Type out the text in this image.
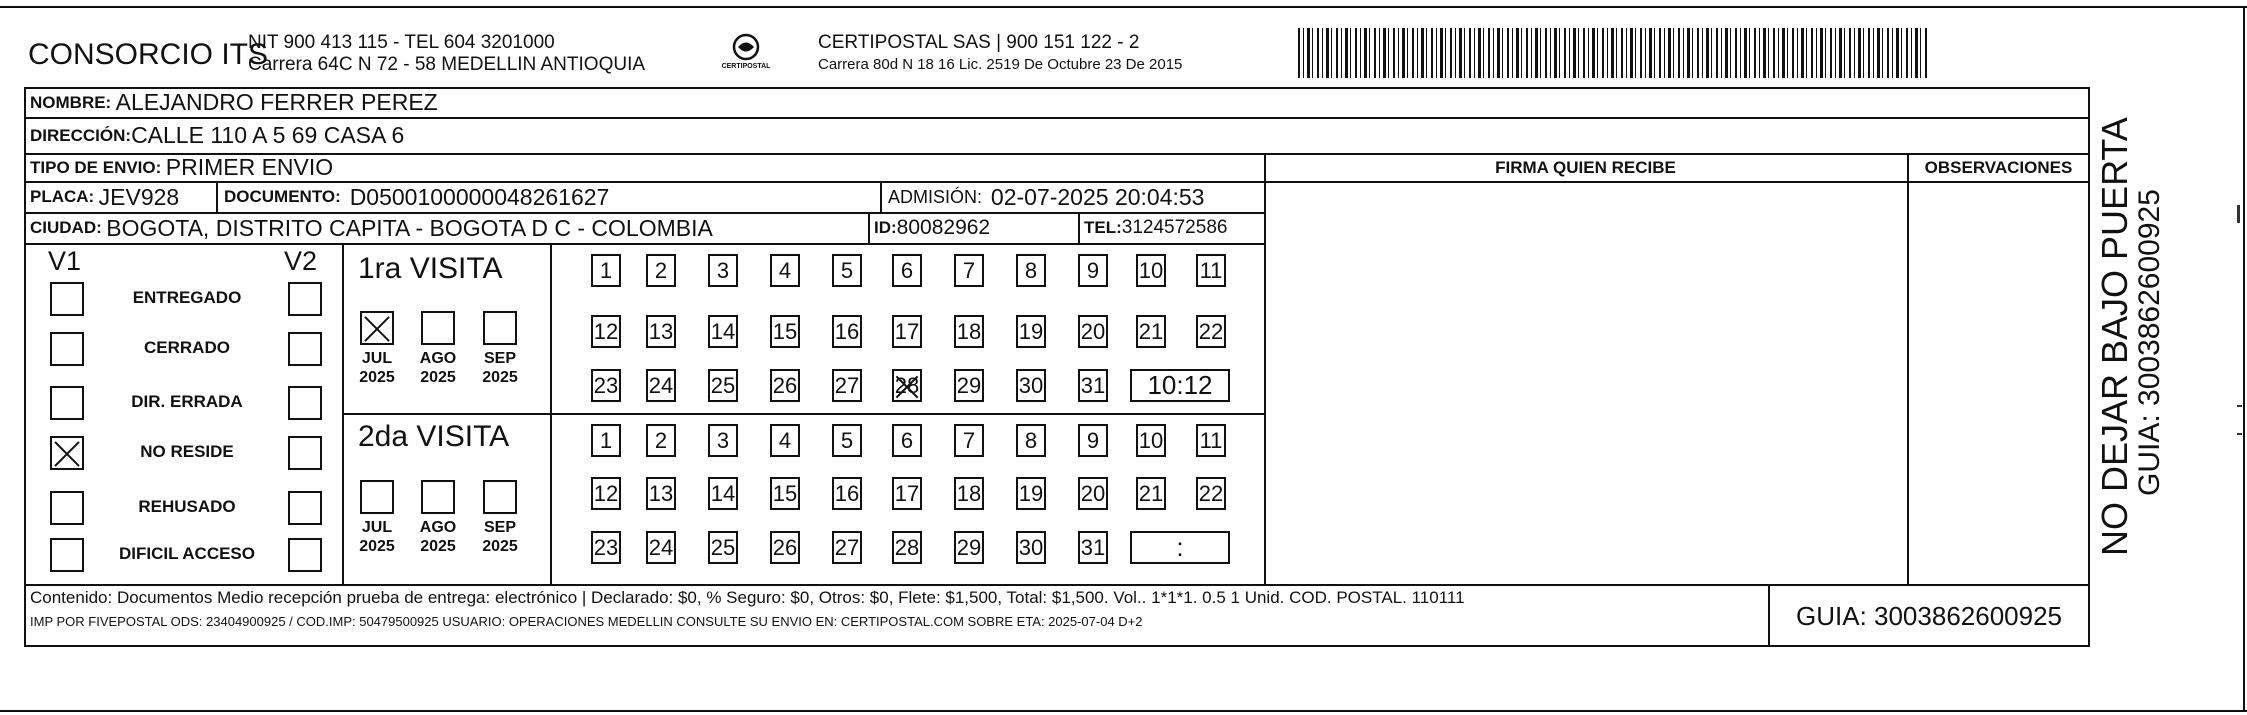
CONSORCIO ITS
NIT 900 413 115 - TEL 604 3201000
Carrera 64C N 72 - 58 MEDELLIN ANTIOQUIA	CERTIPOSTAL
CERTIPOSTAL SAS | 900 151 122 - 2
Carrera 80d N 18 16 Lic. 2519 De Octubre 23 De 2015
NOMBRE:
ALEJANDRO FERRER PEREZ
DIRECCIÓN: CALLE 110 A 5 69 CASA 6
TIPO DE ENVIO:
PRIMER ENVIO	FIRMA QUIEN RECIBE	OBSERVACIONES
PLACA:
JEV928	DOCUMENTO:
D0500100000048261627	ADMISIÓN:
02-07-2025 20:04:53
CIUDAD:
BOGOTA, DISTRITO CAPITA - BOGOTA D C - COLOMBIA	ID: 80082962	TEL: 3124572586
ENTREGADO
CERRADO
DIR. ERRADA
NO RESIDE
REHUSADO
DIFICIL ACCESO
V1	V2 1ra VISITA
2da VISITA
JUL
2025
AGO
2025
SEP
2025
1	2	3	4	5	6	7	8	9	10 11
12 13 14 15 16 17 18 19 20 21 22
23 24 25 26 27 28 29 30 31	10:12
JUL
2025
AGO
2025
SEP
2025
1	2	3	4	5	6	7	8	9	10 11
12 13 14 15 16 17 18 19 20 21 22
23 24 25 26 27 28 29 30 31	:
Contenido: Documentos Medio recepción prueba de entrega: electrónico | Declarado: $0, % Seguro: $0, Otros: $0, Flete: $1,500, Total: $1,500. Vol.. 1*1*1. 0.5 1 Unid. COD. POSTAL. 110111
IMP POR FIVEPOSTAL ODS: 23404900925 / COD.IMP: 50479500925 USUARIO: OPERACIONES MEDELLIN CONSULTE SU ENVIO EN: CERTIPOSTAL.COM SOBRE ETA: 2025-07-04 D+2	GUIA: 3003862600925
NO DEJAR BAJO PUERTA
GUIA: 3003862600925
